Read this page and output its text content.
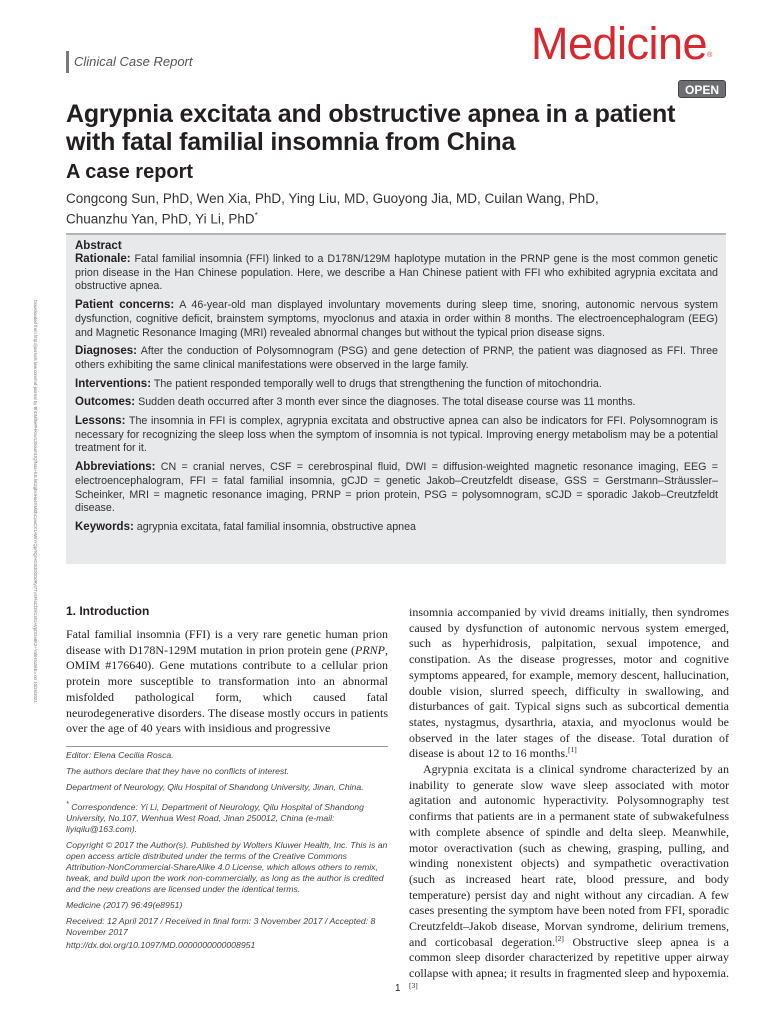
Clinical Case Report	Medicine®
OPEN
Agrypnia excitata and obstructive apnea in a patient with fatal familial insomnia from China
A case report
Congcong Sun, PhD, Wen Xia, PhD, Ying Liu, MD, Guoyong Jia, MD, Cuilan Wang, PhD,
Chuanzhu Yan, PhD, Yi Li, PhD*
Downloaded from http://journals.lww.com/md-journal by BhDMf5ePHKav1zEoum1tQfN4a+kJLhEZgbsIHo4XMi0hCywCX1AWnYQp/IlQrHD3i3D0OdRyi7TvSFl4Cf3VC4/OAVpDDa8K2+Ya6H515kE= on 10/26/2021
Abstract

Rationale: Fatal familial insomnia (FFI) linked to a D178N/129M haplotype mutation in the PRNP gene is the most common genetic prion disease in the Han Chinese population. Here, we describe a Han Chinese patient with FFI who exhibited agrypnia excitata and obstructive apnea.

Patient concerns: A 46-year-old man displayed involuntary movements during sleep time, snoring, autonomic nervous system dysfunction, cognitive deficit, brainstem symptoms, myoclonus and ataxia in order within 8 months. The electroencephalogram (EEG) and Magnetic Resonance Imaging (MRI) revealed abnormal changes but without the typical prion disease signs.

Diagnoses: After the conduction of Polysomnogram (PSG) and gene detection of PRNP, the patient was diagnosed as FFI. Three others exhibiting the same clinical manifestations were observed in the large family.

Interventions: The patient responded temporally well to drugs that strengthening the function of mitochondria.

Outcomes: Sudden death occurred after 3 month ever since the diagnoses. The total disease course was 11 months.

Lessons: The insomnia in FFI is complex, agrypnia excitata and obstructive apnea can also be indicators for FFI. Polysomnogram is necessary for recognizing the sleep loss when the symptom of insomnia is not typical. Improving energy metabolism may be a potential treatment for it.

Abbreviations: CN = cranial nerves, CSF = cerebrospinal fluid, DWI = diffusion-weighted magnetic resonance imaging, EEG = electroencephalogram, FFI = fatal familial insomnia, gCJD = genetic Jakob–Creutzfeldt disease, GSS = Gerstmann–Sträussler–Scheinker, MRI = magnetic resonance imaging, PRNP = prion protein, PSG = polysomnogram, sCJD = sporadic Jakob–Creutzfeldt disease.

Keywords: agrypnia excitata, fatal familial insomnia, obstructive apnea

1. Introduction

Fatal familial insomnia (FFI) is a very rare genetic human prion disease with D178N-129M mutation in prion protein gene (PRNP, OMIM #176640). Gene mutations contribute to a cellular prion protein more susceptible to transformation into an abnormal misfolded pathological form, which caused fatal neurodegenerative disorders. The disease mostly occurs in patients over the age of 40 years with insidious and progressive

Editor: Elena Cecilia Rosca.

The authors declare that they have no conflicts of interest.

Department of Neurology, Qilu Hospital of Shandong University, Jinan, China.

* Correspondence: Yi Li, Department of Neurology, Qilu Hospital of Shandong University, No.107, Wenhua West Road, Jinan 250012, China (e-mail: liyiqilu@163.com).

Copyright © 2017 the Author(s). Published by Wolters Kluwer Health, Inc. This is an open access article distributed under the terms of the Creative Commons Attribution-NonCommercial-ShareAlike 4.0 License, which allows others to remix, tweak, and build upon the work non-commercially, as long as the author is credited and the new creations are licensed under the identical terms.

Medicine (2017) 96:49(e8951)

Received: 12 April 2017 / Received in final form: 3 November 2017 / Accepted: 8 November 2017

http://dx.doi.org/10.1097/MD.0000000000008951

insomnia accompanied by vivid dreams initially, then syndromes caused by dysfunction of autonomic nervous system emerged, such as hyperhidrosis, palpitation, sexual impotence, and constipation. As the disease progresses, motor and cognitive symptoms appeared, for example, memory descent, hallucination, double vision, slurred speech, difficulty in swallowing, and disturbances of gait. Typical signs such as subcortical dementia states, nystagmus, dysarthria, ataxia, and myoclonus would be observed in the later stages of the disease. Total duration of disease is about 12 to 16 months.[1]

Agrypnia excitata is a clinical syndrome characterized by an inability to generate slow wave sleep associated with motor agitation and autonomic hyperactivity. Polysomnography test confirms that patients are in a permanent state of subwakefulness with complete absence of spindle and delta sleep. Meanwhile, motor overactivation (such as chewing, grasping, pulling, and winding nonexistent objects) and sympathetic overactivation (such as increased heart rate, blood pressure, and body temperature) persist day and night without any circadian. A few cases presenting the symptom have been noted from FFI, sporadic Creutzfeldt–Jakob disease, Morvan syndrome, delirium tremens, and corticobasal degeration.[2] Obstructive sleep apnea is a common sleep disorder characterized by repetitive upper airway collapse with apnea; it results in fragmented sleep and hypoxemia.[3]

1
